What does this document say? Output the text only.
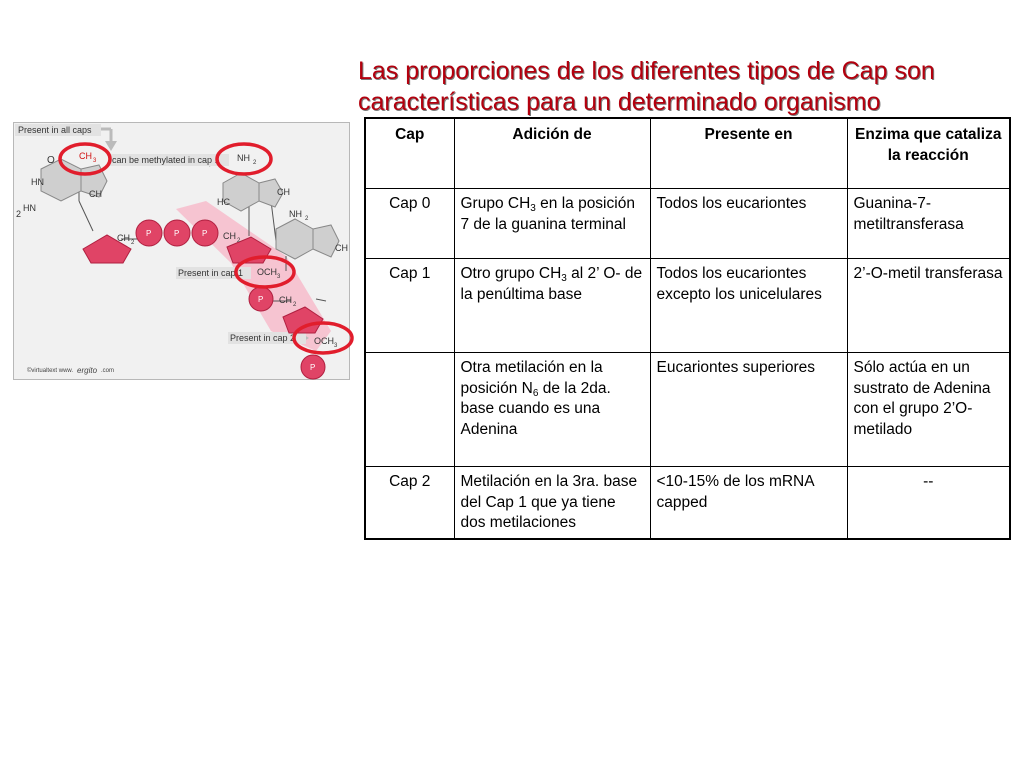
Las proporciones de los diferentes tipos de Cap son
características para un determinado organismo
Present in all caps
can be methylated in cap 1
Present in cap 1
Present in cap 2
O
HN
CH
2
HN
CH 3	NH 2
CH
HC
NH 2
CH
P	P	P
P
P
CH 2
CH 2
CH 2
OCH 3
OCH 3
©virtualtext www. ergito .com
Cap	Adición de	Presente en	Enzima que cataliza la reacción
Cap 0	Grupo $CH_3$ en la posición 7 de la guanina terminal	Todos los eucariontes	Guanina-7-metiltransferasa
Cap 1	Otro grupo $CH_3$ al 2’ O- de la penúltima base	Todos los eucariontes excepto los unicelulares	2’-O-metil transferasa
	Otra metilación en la posición $N_6$ de la 2da. base cuando es una Adenina	Eucariontes superiores	Sólo actúa en un sustrato de Adenina con el grupo 2’O-metilado
Cap 2	Metilación en la 3ra. base del Cap 1 que ya tiene dos metilaciones	<10-15% de los mRNA capped	--
